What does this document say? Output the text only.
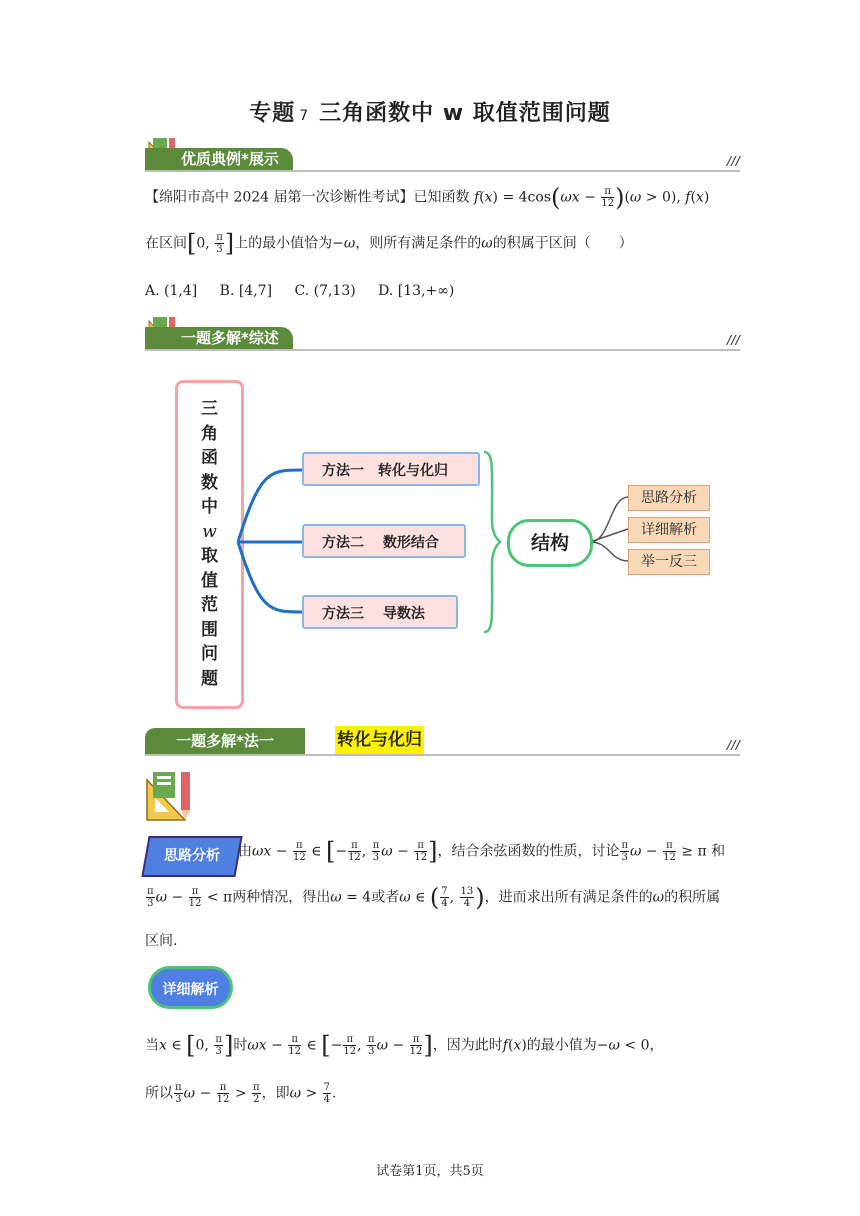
专题 7 三角函数中 w 取值范围问题
优质典例*展示	///
【绵阳市高中 2024 届第一次诊断性考试】已知函数 $f(x) = 4\cos(\omega x - \frac{\pi}{12} )(\omega > 0)$, f(x)
在区间[0, $\frac{\pi}{3}$ ]上的最小值恰为−ω，则所有满足条件的ω的积属于区间（　　）
A. (1,4] B. [4,7] C. (7,13) D. [13,+∞)
一题多解*综述	///
三
角
函
数
中
w
取
值
范
围
问
题
方法一　转化与化归
方法二　 数形结合
方法三　 导数法
结构
思路分析
详细解析
举一反三
一题多解*法一	转化与化归	///
思路分析	由$\omega x - \frac{\pi}{12}$ ∈ [− $\frac{\pi}{12}$ , $\frac{\pi}{3}$ $\omega - \frac{\pi}{12}$ ]，结合余弦函数的性质，讨论 $\frac{\pi}{3}$ $\omega - \frac{\pi}{12} \ge \pi$ 和
$\frac{\pi}{3}$ $\omega - \frac{\pi}{12} < \pi$两种情况，得出ω = 4或者ω ∈ ( $\frac{7}{4}$ , $\frac{13}{4}$ )，进而求出所有满足条件的ω的积所属
区间.
详细解析
当x ∈ [0, $\frac{\pi}{3}$ ]时$\omega x - \frac{\pi}{12}$ ∈ [− $\frac{\pi}{12}$ , $\frac{\pi}{3}$ $\omega - \frac{\pi}{12}$ ]，因为此时f(x)的最小值为−ω < 0，
所以 $\frac{\pi}{3}$ $\omega - \frac{\pi}{12} > \frac{\pi}{2}$ ，即$\omega > \frac{7}{4}$ .
试卷第1页，共5页
